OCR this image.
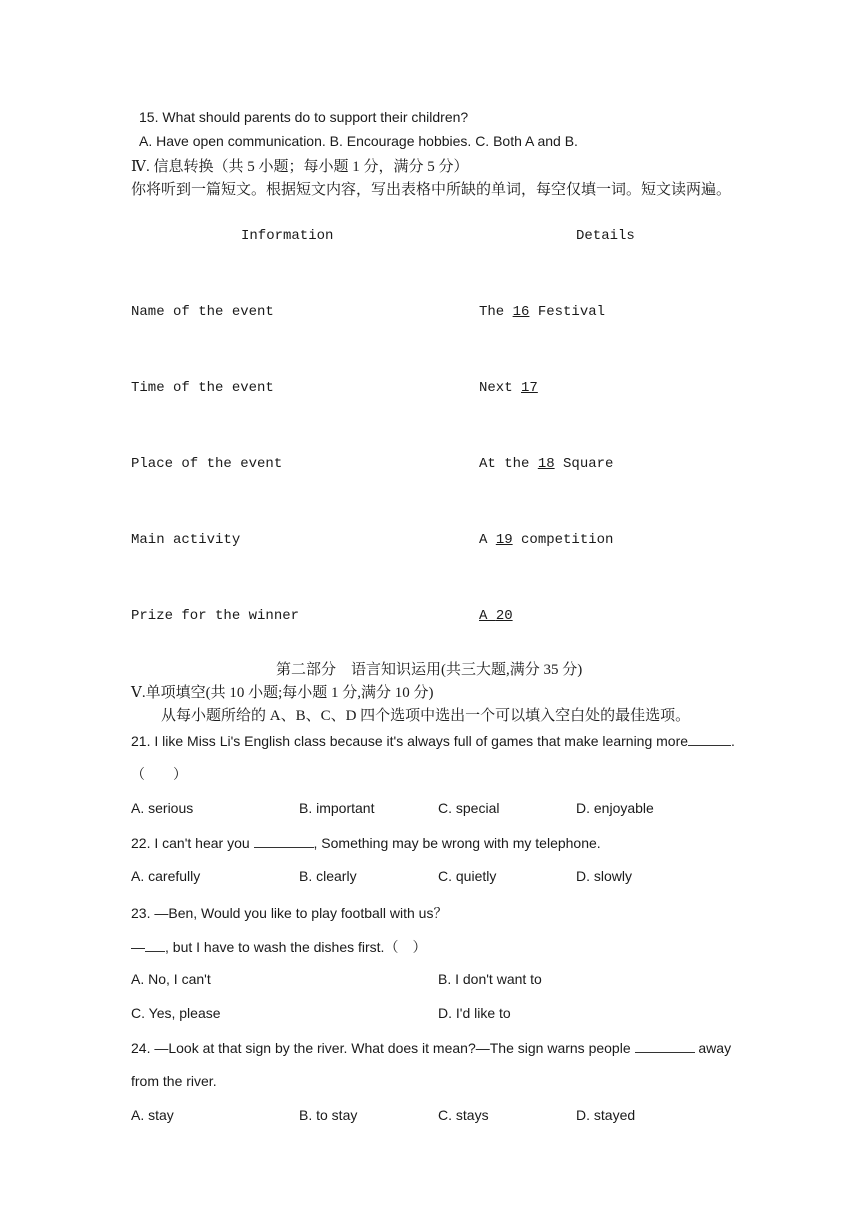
15. What should parents do to support their children?
A. Have open communication. B. Encourage hobbies. C. Both A and B.
Ⅳ. 信息转换（共 5 小题；每小题 1 分，满分 5 分）
你将听到一篇短文。根据短文内容，写出表格中所缺的单词，每空仅填一词。短文读两遍。
Information	Details
Name of the event	The 16 Festival
Time of the event	Next 17
Place of the event	At the 18 Square
Main activity	A 19 competition
Prize for the winner	A 20
第二部分　语言知识运用(共三大题,满分 35 分)
Ⅴ.单项填空(共 10 小题;每小题 1 分,满分 10 分)
从每小题所给的 A、B、C、D 四个选项中选出一个可以填入空白处的最佳选项。
21. I like Miss Li's English class because it's always full of games that make learning more	.
（　　）
A. serious	B. important	C. special	D. enjoyable
22. I can't hear you	, Something may be wrong with my telephone.
A. carefully	B. clearly	C. quietly	D. slowly
23. —Ben, Would you like to play football with us？
— , but I have to wash the dishes first.（　）
A. No, I can't	B. I don't want to
C. Yes, please	D. I'd like to
24. —Look at that sign by the river. What does it mean?—The sign warns people	away
from the river.
A. stay	B. to stay	C. stays	D. stayed
